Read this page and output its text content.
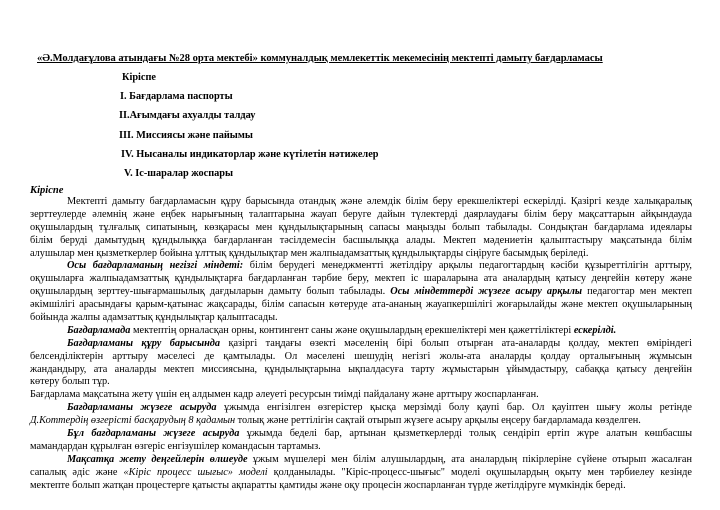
«Ә.Молдағұлова атындағы №28 орта мектебі» коммуналдық мемлекеттік мекемесінің мектепті дамыту бағдарламасы
Кіріспе
I. Бағдарлама паспорты
II.Ағымдағы ахуалды талдау
III. Миссиясы және пайымы
IV. Нысаналы индикаторлар және күтілетін нәтижелер
V. Іс-шаралар жоспары
Кіріспе
Мектепті дамыту бағдарламасын құру барысында отандық және әлемдік білім беру ерекшеліктері ескерілді. Қазіргі кезде халықаралық
зерттеулерде әлемнің және еңбек нарығының талаптарына жауап беруге дайын түлектерді даярлаудағы білім беру мақсаттарын айқындауда
оқушылардың тұлғалық сипатының, көзқарасы мен құндылықтарының сапасы маңызды болып табылады. Сондықтан бағдарлама идеялары
білім беруді дамытудың құндылыққа бағдарланған тәсілдемесін басшылыққа алады. Мектеп мәдениетін қалыптастыру мақсатында білім
алушылар мен қызметкерлер бойына ұлттық құндылықтар мен жалпыадамзаттық құндылықтарды сіңіруге басымдық беріледі.
Осы бағдарламаның негізгі міндеті: білім берудегі менеджментті жетілдіру арқылы педагогтардың кәсіби құзыреттілігін арттыру,
оқушыларға жалпыадамзаттық құндылықтарға бағдарланған тәрбие беру, мектеп іс шараларына ата аналардың қатысу деңгейін көтеру және
оқушылардың зерттеу-шығармашылық дағдыларын дамыту болып табылады. Осы міндеттерді жүзеге асыру арқылы педагогтар мен мектеп
әкімшілігі арасындағы қарым-қатынас жақсарады, білім сапасын көтеруде ата-ананың жауапкершілігі жоғарылайды және мектеп оқушыларының
бойында жалпы адамзаттық құндылықтар қалыптасады.
Бағдарламада мектептің орналасқан орны, контингент саны және оқушылардың ерекшеліктері мен қажеттіліктері ескерілді.
Бағдарламаны құру барысында қазіргі таңдағы өзекті мәселенің бірі болып отырған ата-аналарды қолдау, мектеп өміріндегі
белсенділіктерін арттыру мәселесі де қамтылады. Ол мәселені шешудің негізгі жолы-ата аналарды қолдау орталығының жұмысын
жандандыру, ата аналарды мектеп миссиясына, құндылықтарына ықпалдасуға тарту жұмыстарын ұйымдастыру, сабаққа қатысу деңгейін
көтеру болып тұр.
Бағдарлама мақсатына жету үшін ең алдымен кадр әлеуеті ресурсын тиімді пайдалану және арттыру жоспарланған.
Бағдарламаны жүзеге асыруда ұжымда енгізілген өзгерістер қысқа мерзімді болу қаупі бар. Ол қауіптен шығу жолы ретінде
Д.Коттердің өзгерісті басқарудың 8 қадамын толық және реттілігін сақтай отырып жүзеге асыру арқылы еңсеру бағдарламада көзделген.
Бұл бағдарламаны жүзеге асыруда ұжымда беделі бар, артынан қызметкерлерді толық сендіріп ертіп жүре алатын көшбасшы
мамандардан құрылған өзгеріс енгізушілер командасын тартамыз.
Мақсатқа жету деңгейлерін өлшеуде ұжым мүшелері мен білім алушылардың, ата аналардың пікірлеріне сүйене отырып жасалған
сапалық әдіс және «Кіріс процесс шығыс» моделі қолданылады. "Кіріс-процесс-шығыс" моделі оқушылардың оқыту мен тәрбиелеу кезінде
мектепте болып жатқан процестерге қатысты ақпаратты қамтиды және оқу процесін жоспарланған түрде жетілдіруге мүмкіндік береді.
